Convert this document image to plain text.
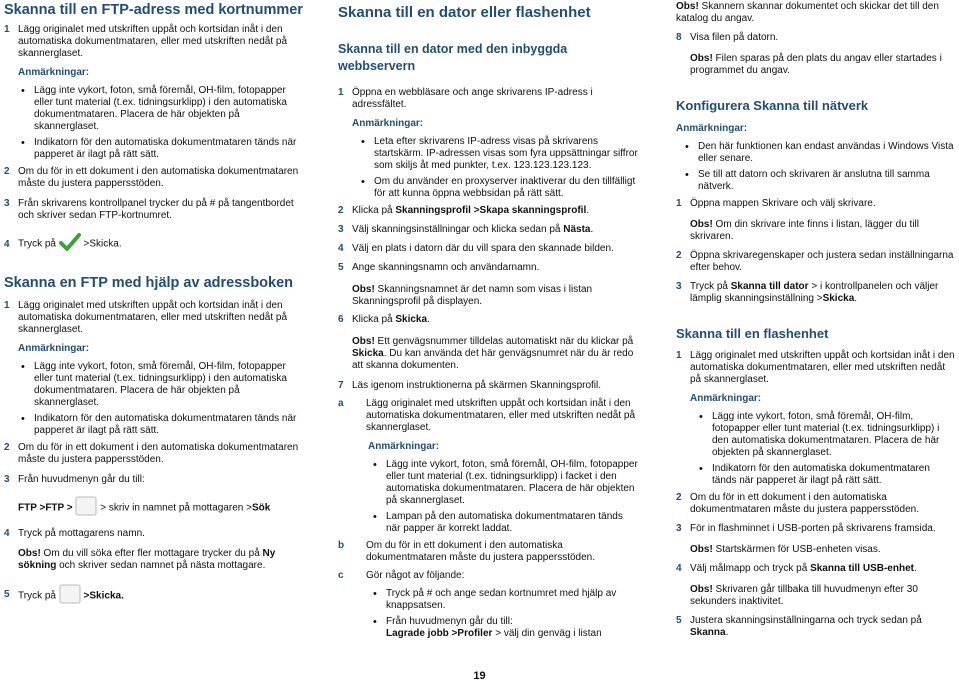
Skanna till en FTP-adress med kortnummer
1 Lägg originalet med utskriften uppåt och kortsidan inåt i den automatiska dokumentmataren, eller med utskriften nedåt på skannerglaset.

Anmärkningar:

• Lägg inte vykort, foton, små föremål, OH-film, fotopapper eller tunt material (t.ex. tidningsurklipp) i den automatiska dokumentmataren. Placera de här objekten på skannerglaset.
• Indikatorn för den automatiska dokumentmataren tänds när papperet är ilagt på rätt sätt.
2 Om du för in ett dokument i den automatiska dokumentmataren måste du justera pappersstöden.

3 Från skrivarens kontrollpanel trycker du på # på tangentbordet och skriver sedan FTP-kortnumret.

4 Tryck på	>Skicka.

Skanna en FTP med hjälp av adressboken
1 Lägg originalet med utskriften uppåt och kortsidan inåt i den automatiska dokumentmataren, eller med utskriften nedåt på skannerglaset.

Anmärkningar:

• Lägg inte vykort, foton, små föremål, OH-film, fotopapper eller tunt material (t.ex. tidningsurklipp) i den automatiska dokumentmataren. Placera de här objekten på skannerglaset.
• Indikatorn för den automatiska dokumentmataren tänds när papperet är ilagt på rätt sätt.
2 Om du för in ett dokument i den automatiska dokumentmataren måste du justera pappersstöden.

3 Från huvudmenyn går du till:

FTP >FTP >	> skriv in namnet på mottagaren >Sök

4 Tryck på mottagarens namn.

Obs! Om du vill söka efter fler mottagare trycker du på Ny sökning och skriver sedan namnet på nästa mottagare.

5 Tryck på	>Skicka.

Skanna till en dator eller flashenhet
Skanna till en dator med den inbyggda webbservern
1 Öppna en webbläsare och ange skrivarens IP-adress i adressfältet.

Anmärkningar:

• Leta efter skrivarens IP-adress visas på skrivarens startskärm. IP-adressen visas som fyra uppsättningar siffror som skiljs åt med punkter, t.ex. 123.123.123.123.
• Om du använder en proxyserver inaktiverar du den tillfälligt för att kunna öppna webbsidan på rätt sätt.
2 Klicka på Skanningsprofil >Skapa skanningsprofil.

3 Välj skanningsinställningar och klicka sedan på Nästa.

4 Välj en plats i datorn där du vill spara den skannade bilden.

5 Ange skanningsnamn och användarnamn.

Obs! Skanningsnamnet är det namn som visas i listan Skanningsprofil på displayen.

6 Klicka på Skicka.

Obs! Ett genvägsnummer tilldelas automatiskt när du klickar på Skicka. Du kan använda det här genvägsnumret när du är redo att skanna dokumenten.

7 Läs igenom instruktionerna på skärmen Skanningsprofil.

a	Lägg originalet med utskriften uppåt och kortsidan inåt i den automatiska dokumentmataren, eller med utskriften nedåt på skannerglaset.

Anmärkningar:

• Lägg inte vykort, foton, små föremål, OH-film, fotopapper eller tunt material (t.ex. tidningsurklipp) i facket i den automatiska dokumentmataren. Placera de här objekten på skannerglaset.
• Lampan på den automatiska dokumentmataren tänds när papper är korrekt laddat.
b	Om du för in ett dokument i den automatiska dokumentmataren måste du justera pappersstöden.

c	Gör något av följande:

• Tryck på # och ange sedan kortnumret med hjälp av knappsatsen.
• Från huvudmenyn går du till:
Lagrade jobb >Profiler > välj din genväg i listan

Obs! Skannern skannar dokumentet och skickar det till den katalog du angav.

8 Visa filen på datorn.

Obs! Filen sparas på den plats du angav eller startades i programmet du angav.

Konfigurera Skanna till nätverk

Anmärkningar:

• Den här funktionen kan endast användas i Windows Vista eller senare.
• Se till att datorn och skrivaren är anslutna till samma nätverk.
1 Öppna mappen Skrivare och välj skrivare.

Obs! Om din skrivare inte finns i listan, lägger du till skrivaren.

2 Öppna skrivaregenskaper och justera sedan inställningarna efter behov.

3 Tryck på Skanna till dator > i kontrollpanelen och väljer lämplig skanningsinställning >Skicka.

Skanna till en flashenhet
1 Lägg originalet med utskriften uppåt och kortsidan inåt i den automatiska dokumentmataren, eller med utskriften nedåt på skannerglaset.

Anmärkningar:

• Lägg inte vykort, foton, små föremål, OH-film, fotopapper eller tunt material (t.ex. tidningsurklipp) i den automatiska dokumentmataren. Placera de här objekten på skannerglaset.
• Indikatorn för den automatiska dokumentmataren tänds när papperet är ilagt på rätt sätt.
2 Om du för in ett dokument i den automatiska dokumentmataren måste du justera pappersstöden.

3 För in flashminnet i USB-porten på skrivarens framsida.

Obs! Startskärmen för USB-enheten visas.

4 Välj målmapp och tryck på Skanna till USB-enhet.

Obs! Skrivaren går tillbaka till huvudmenyn efter 30 sekunders inaktivitet.

5 Justera skanningsinställningarna och tryck sedan på Skanna.

19
